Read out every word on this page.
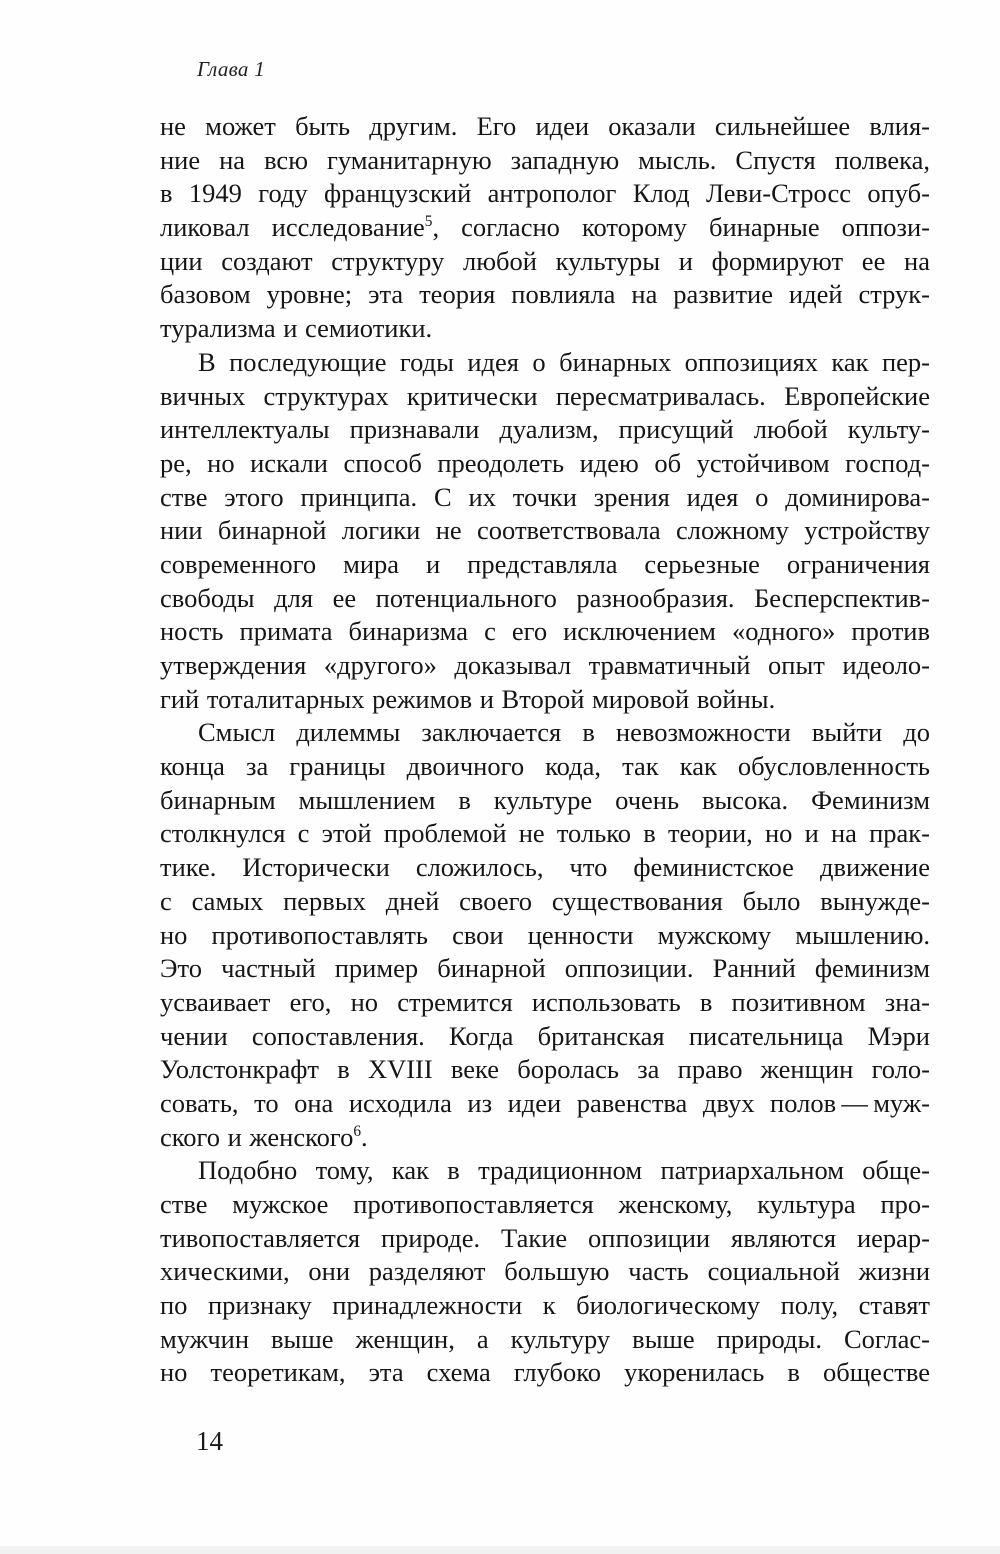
Глава 1
не может быть другим. Его идеи оказали сильнейшее влия-
ние на всю гуманитарную западную мысль. Спустя полвека,
в 1949 году французский антрополог Клод Леви-Стросс опуб-
ликовал исследование$^5$, согласно которому бинарные оппози-
ции создают структуру любой культуры и формируют ее на
базовом уровне; эта теория повлияла на развитие идей струк-
турализма и семиотики.
В последующие годы идея о бинарных оппозициях как пер-
вичных структурах критически пересматривалась. Европейские
интеллектуалы признавали дуализм, присущий любой культу-
ре, но искали способ преодолеть идею об устойчивом господ-
стве этого принципа. С их точки зрения идея о доминирова-
нии бинарной логики не соответствовала сложному устройству
современного мира и представляла серьезные ограничения
свободы для ее потенциального разнообразия. Бесперспектив-
ность примата бинаризма с его исключением «одного» против
утверждения «другого» доказывал травматичный опыт идеоло-
гий тоталитарных режимов и Второй мировой войны.
Смысл дилеммы заключается в невозможности выйти до
конца за границы двоичного кода, так как обусловленность
бинарным мышлением в культуре очень высока. Феминизм
столкнулся с этой проблемой не только в теории, но и на прак-
тике. Исторически сложилось, что феминистское движение
с самых первых дней своего существования было вынужде-
но противопоставлять свои ценности мужскому мышлению.
Это частный пример бинарной оппозиции. Ранний феминизм
усваивает его, но стремится использовать в позитивном зна-
чении сопоставления. Когда британская писательница Мэри
Уолстонкрафт в XVIII веке боролась за право женщин голо-
совать, то она исходила из идеи равенства двух полов — муж-
ского и женского$^6$.
Подобно тому, как в традиционном патриархальном обще-
стве мужское противопоставляется женскому, культура про-
тивопоставляется природе. Такие оппозиции являются иерар-
хическими, они разделяют большую часть социальной жизни
по признаку принадлежности к биологическому полу, ставят
мужчин выше женщин, а культуру выше природы. Соглас-
но теоретикам, эта схема глубоко укоренилась в обществе
14
